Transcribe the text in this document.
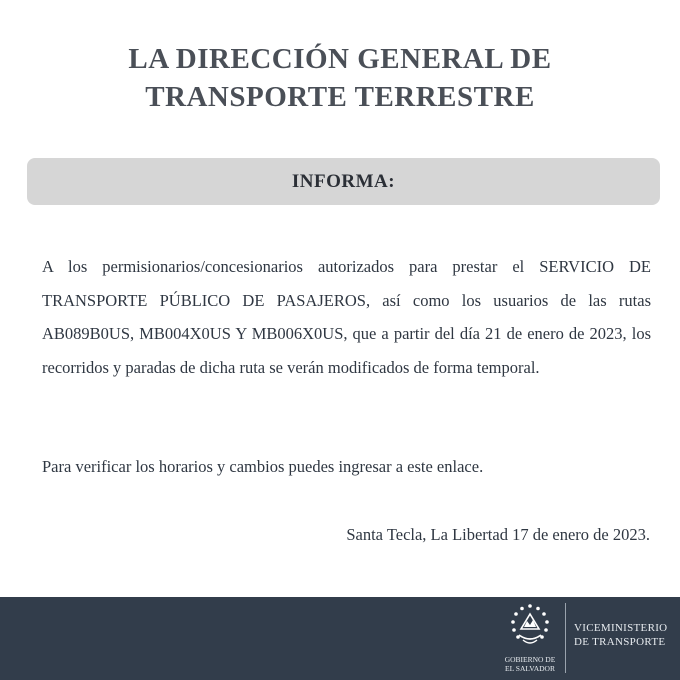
LA DIRECCIÓN GENERAL DE
TRANSPORTE TERRESTRE
INFORMA:
A los permisionarios/concesionarios autorizados para prestar el SERVICIO DE TRANSPORTE PÚBLICO DE PASAJEROS, así como los usuarios de las rutas AB089B0US, MB004X0US Y MB006X0US, que a partir del día 21 de enero de 2023, los recorridos y paradas de dicha ruta se verán modificados de forma temporal.
Para verificar los horarios y cambios puedes ingresar a este enlace.
Santa Tecla, La Libertad 17 de enero de 2023.
GOBIERNO DE
EL SALVADOR
VICEMINISTERIO
DE TRANSPORTE
